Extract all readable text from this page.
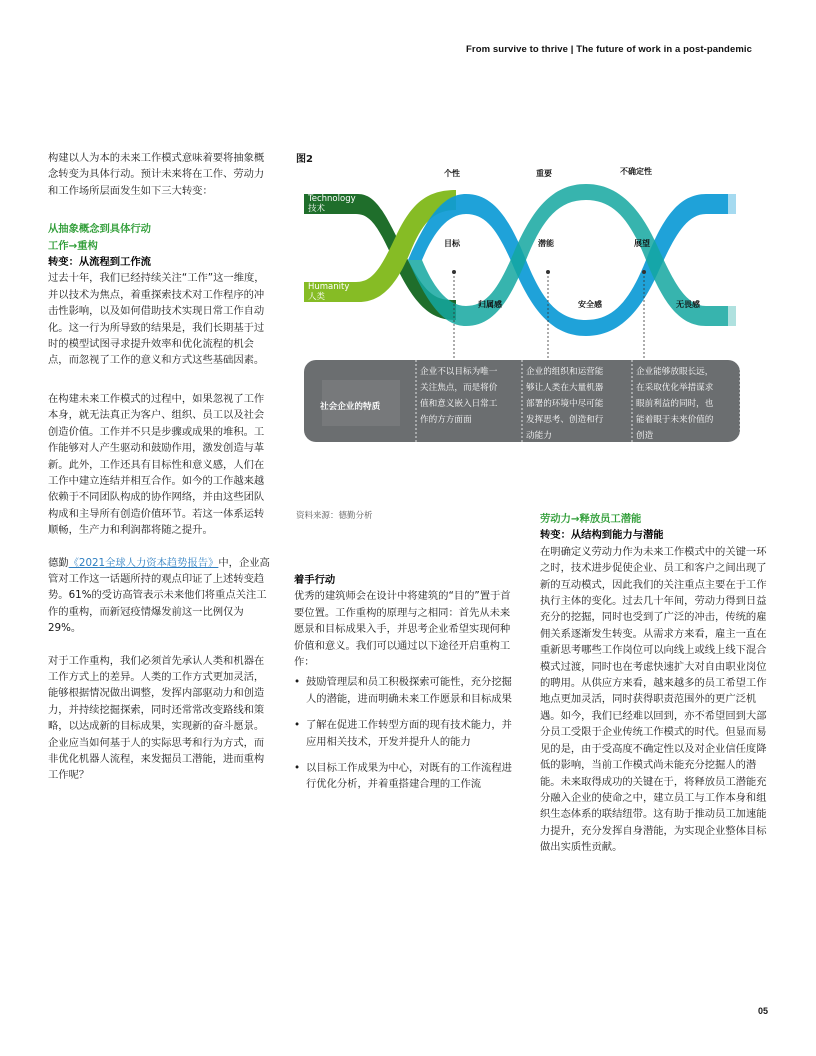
From survive to thrive | The future of work in a post-pandemic

构建以人为本的未来工作模式意味着要将抽象概念转变为具体行动。预计未来将在工作、劳动力和工作场所层面发生如下三大转变：

从抽象概念到具体行动

工作→重构

转变：从流程到工作流

过去十年，我们已经持续关注“工作”这一维度，并以技术为焦点，着重探索技术对工作程序的冲击性影响，以及如何借助技术实现日常工作自动化。这一行为所导致的结果是，我们长期基于过时的模型试图寻求提升效率和优化流程的机会点，而忽视了工作的意义和方式这些基础因素。

在构建未来工作模式的过程中，如果忽视了工作本身，就无法真正为客户、组织、员工以及社会创造价值。工作并不只是步骤或成果的堆积。工作能够对人产生驱动和鼓励作用，激发创造与革新。此外，工作还具有目标性和意义感，人们在工作中建立连结并相互合作。如今的工作越来越依赖于不同团队构成的协作网络，并由这些团队构成和主导所有创造价值环节。若这一体系运转顺畅，生产力和利润都将随之提升。

德勤《2021全球人力资本趋势报告》中，企业高管对工作这一话题所持的观点印证了上述转变趋势。61%的受访高管表示未来他们将重点关注工作的重构，而新冠疫情爆发前这一比例仅为29%。

对于工作重构，我们必须首先承认人类和机器在工作方式上的差异。人类的工作方式更加灵活，能够根据情况做出调整，发挥内部驱动力和创造力，并持续挖掘探索，同时还常常改变路线和策略，以达成新的目标成果，实现新的奋斗愿景。企业应当如何基于人的实际思考和行为方式，而非优化机器人流程，来发掘员工潜能，进而重构工作呢？

图2
Technology
技术
Humanity
人类
个性	重要	不确定性
目标	潜能	展望
归属感	安全感	无畏感
社会企业的特质
企业不以目标为唯一 关注焦点，而是将价 值和意义嵌入日常工 作的方方面面
企业的组织和运营能 够让人类在大量机器 部署的环境中尽可能 发挥思考、创造和行 动能力
企业能够放眼长远， 在采取优化举措谋求 眼前利益的同时，也 能着眼于未来价值的 创造
资料来源：德勤分析

着手行动

优秀的建筑师会在设计中将建筑的“目的”置于首要位置。工作重构的原理与之相同：首先从未来愿景和目标成果入手，并思考企业希望实现何种价值和意义。我们可以通过以下途径开启重构工作：

• 鼓励管理层和员工积极探索可能性，充分挖掘人的潜能，进而明确未来工作愿景和目标成果
• 了解在促进工作转型方面的现有技术能力，并应用相关技术，开发并提升人的能力
• 以目标工作成果为中心，对既有的工作流程进行优化分析，并着重搭建合理的工作流

劳动力→释放员工潜能

转变：从结构到能力与潜能

在明确定义劳动力作为未来工作模式中的关键一环之时，技术进步促使企业、员工和客户之间出现了新的互动模式，因此我们的关注重点主要在于工作执行主体的变化。过去几十年间，劳动力得到日益充分的挖掘，同时也受到了广泛的冲击，传统的雇佣关系逐渐发生转变。从需求方来看，雇主一直在重新思考哪些工作岗位可以向线上或线上线下混合模式过渡，同时也在考虑快速扩大对自由职业岗位的聘用。从供应方来看，越来越多的员工希望工作地点更加灵活，同时获得职责范围外的更广泛机遇。如今，我们已经难以回到，亦不希望回到大部分员工受限于企业传统工作模式的时代。但显而易见的是，由于受高度不确定性以及对企业信任度降低的影响，当前工作模式尚未能充分挖掘人的潜能。未来取得成功的关键在于，将释放员工潜能充分融入企业的使命之中，建立员工与工作本身和组织生态体系的联结纽带。这有助于推动员工加速能力提升，充分发挥自身潜能，为实现企业整体目标做出实质性贡献。

05
